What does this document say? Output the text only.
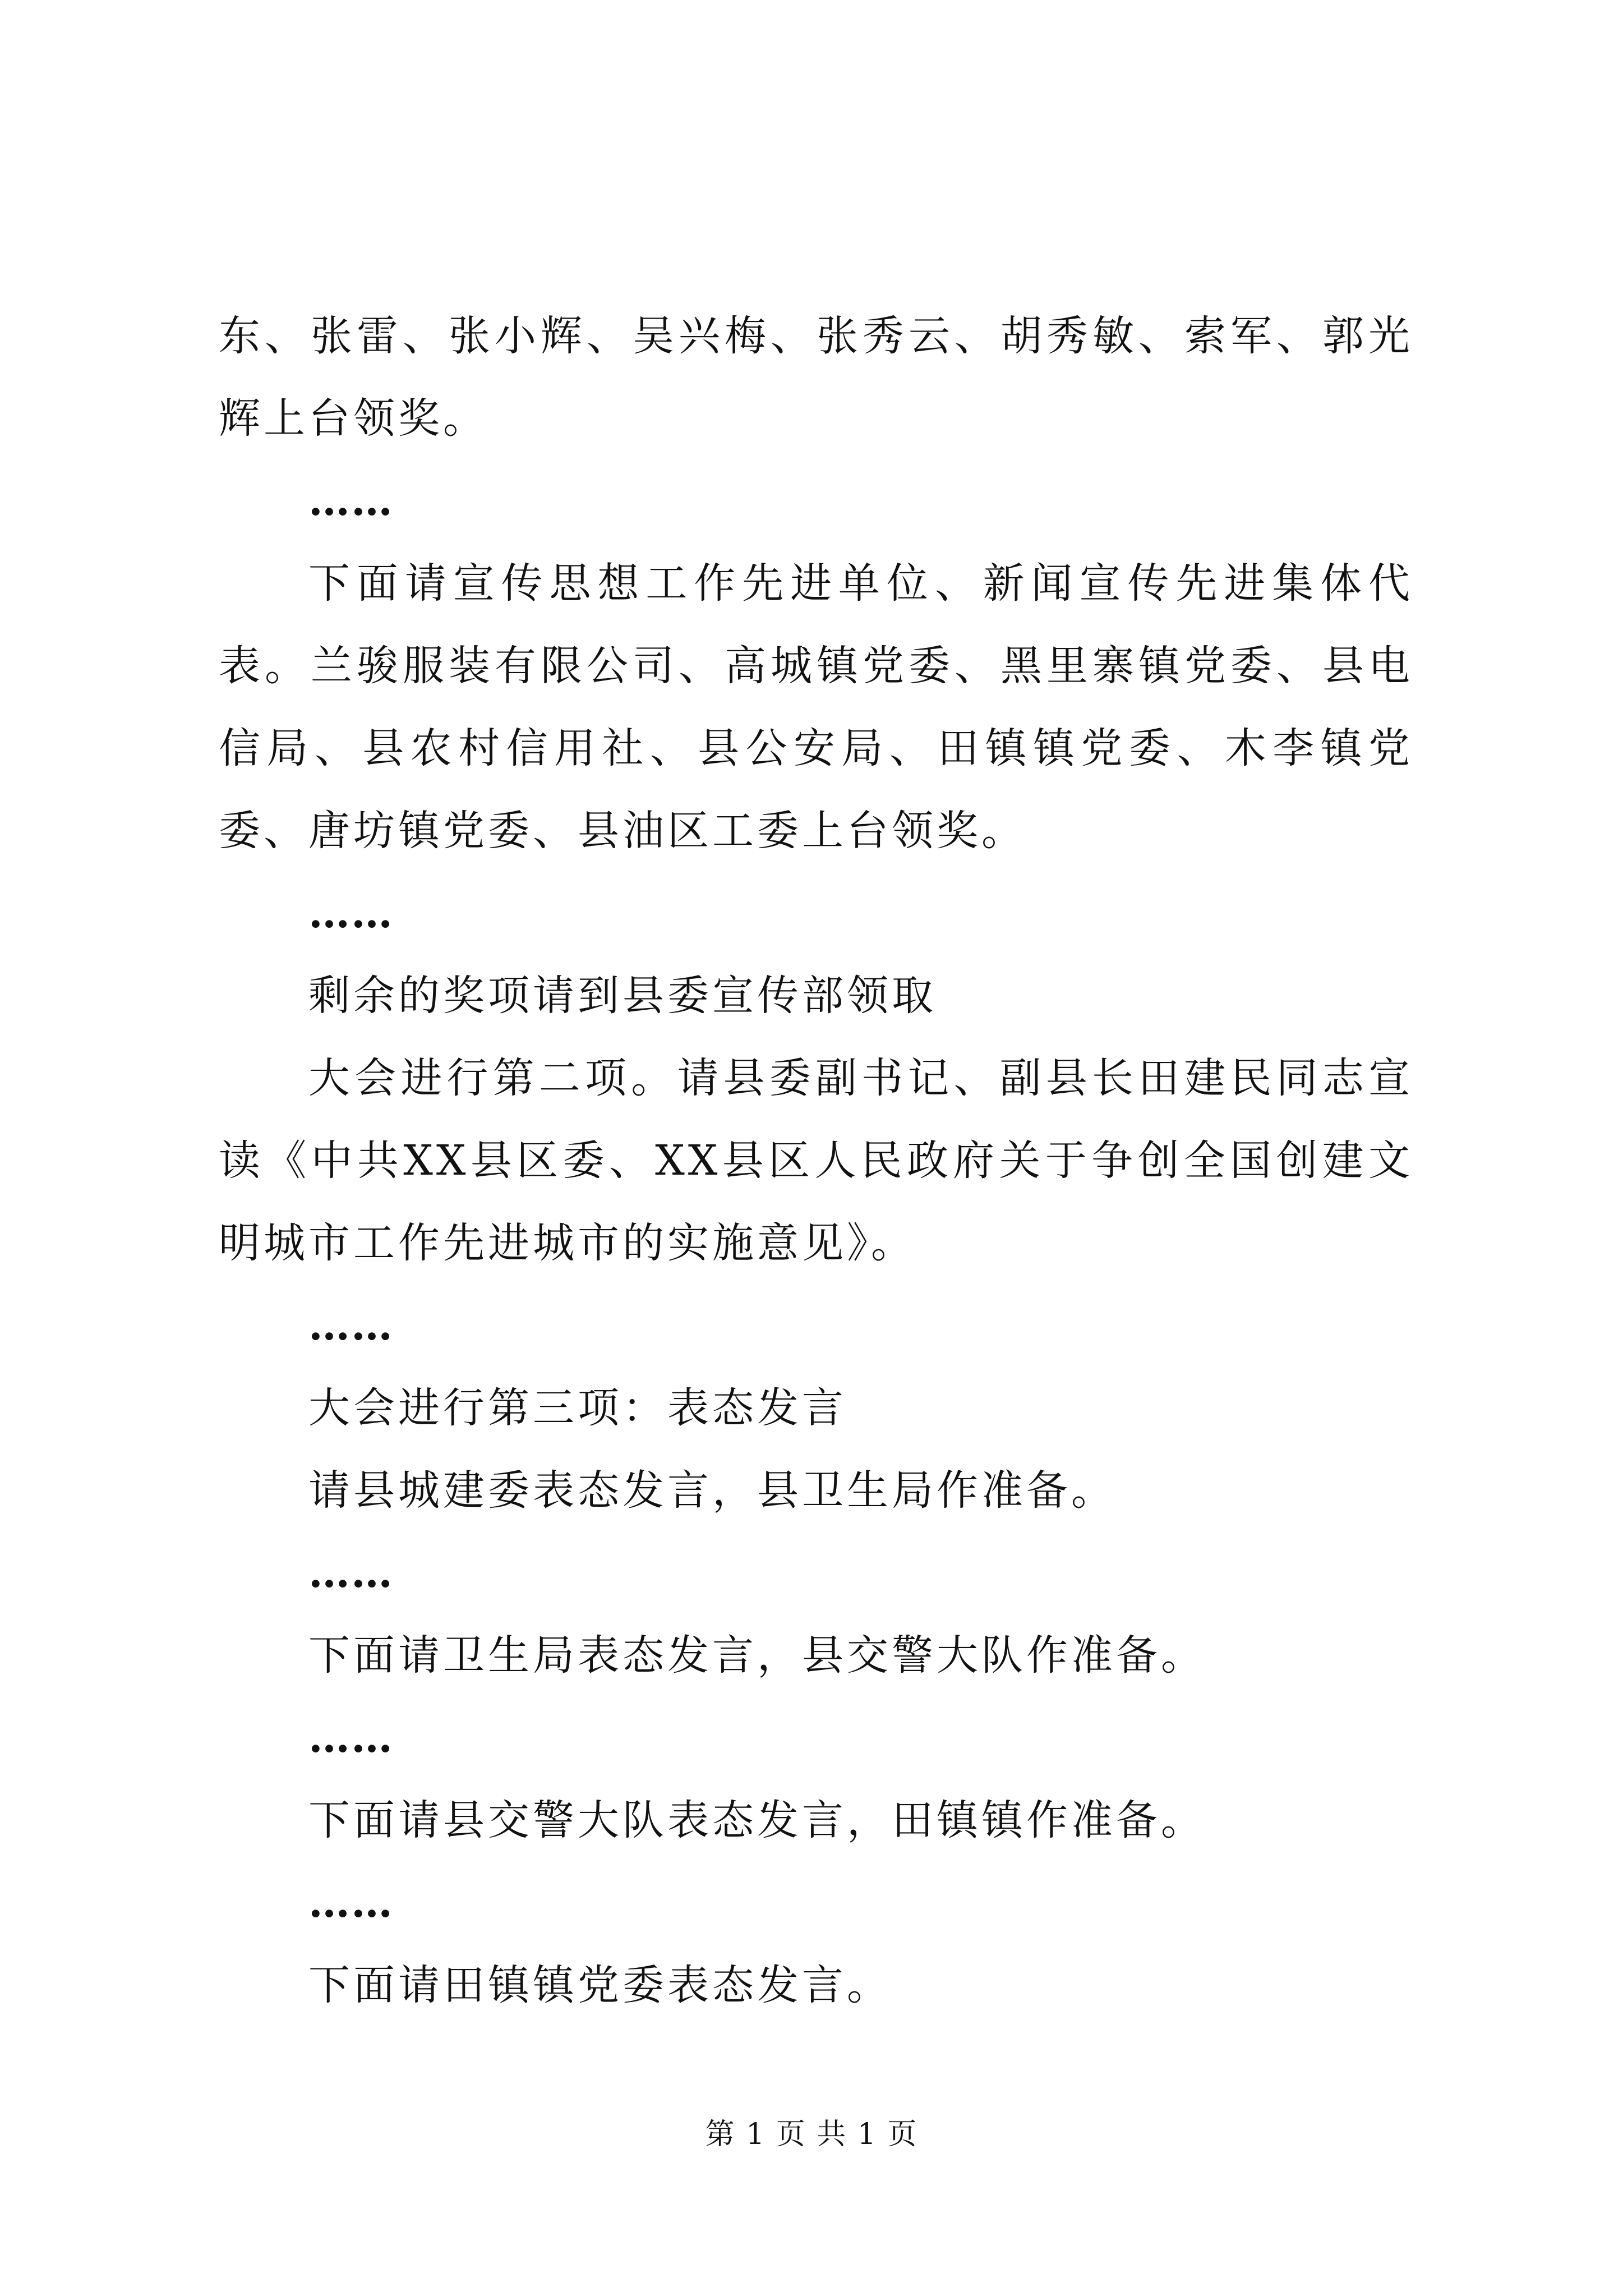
东、张雷、张小辉、吴兴梅、张秀云、胡秀敏、索军、郭光辉上台领奖。

……

下面请宣传思想工作先进单位、新闻宣传先进集体代表。兰骏服装有限公司、高城镇党委、黑里寨镇党委、县电信局、县农村信用社、县公安局、田镇镇党委、木李镇党委、唐坊镇党委、县油区工委上台领奖。

……

剩余的奖项请到县委宣传部领取

大会进行第二项。请县委副书记、副县长田建民同志宣读《中共XX县区委、XX县区人民政府关于争创全国创建文明城市工作先进城市的实施意见》。

……

大会进行第三项：表态发言

请县城建委表态发言，县卫生局作准备。

……

下面请卫生局表态发言，县交警大队作准备。

……

下面请县交警大队表态发言，田镇镇作准备。

……

下面请田镇镇党委表态发言。

第 1 页 共 1 页
